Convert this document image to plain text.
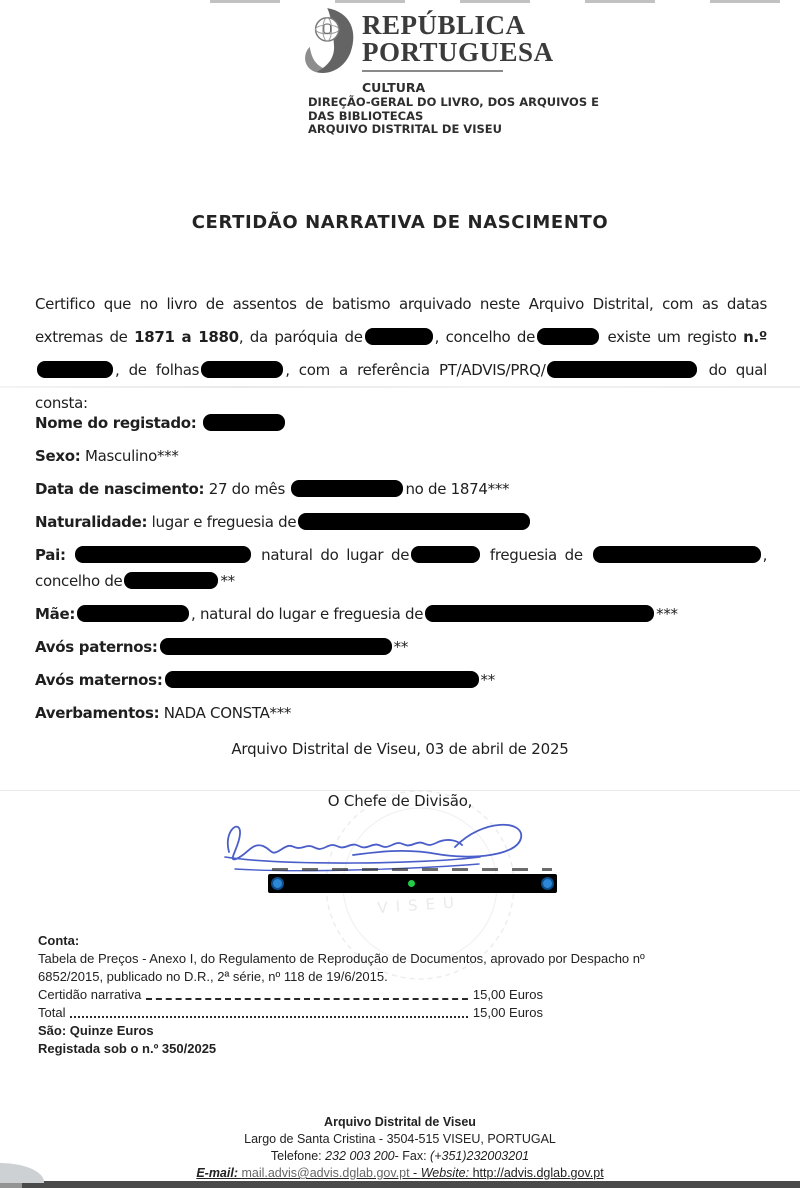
REPÚBLICA
PORTUGUESA
CULTURA
DIREÇÃO-GERAL DO LIVRO, DOS ARQUIVOS E
DAS BIBLIOTECAS
ARQUIVO DISTRITAL DE VISEU
CERTIDÃO NARRATIVA DE NASCIMENTO

Certifico que no livro de assentos de batismo arquivado neste Arquivo Distrital, com as datas extremas de 1871 a 1880, da paróquia de	, concelho de	existe um registo n.º , de folhas	, com a referência PT/ADVIS/PRQ/	do qual consta:

Nome do registado:
Sexo: Masculino***
Data de nascimento: 27 do mês	no de 1874***
Naturalidade: lugar e freguesia de
Pai:	natural do lugar de	freguesia de	, concelho de	**
Mãe:	, natural do lugar e freguesia de	***
Avós paternos:	**
Avós maternos:	**
Averbamentos: NADA CONSTA***
Arquivo Distrital de Viseu, 03 de abril de 2025
O Chefe de Divisão,
VISEU
Conta:
Tabela de Preços - Anexo I, do Regulamento de Reprodução de Documentos, aprovado por Despacho nº
6852/2015, publicado no D.R., 2ª série, nº 118 de 19/6/2015.
Certidão narrativa	15,00 Euros
Total	15,00 Euros
São: Quinze Euros
Registada sob o n.º 350/2025
Arquivo Distrital de Viseu
Largo de Santa Cristina - 3504-515 VISEU, PORTUGAL
Telefone: 232 003 200- Fax: (+351)232003201
E-mail: mail.advis@advis.dglab.gov.pt - Website: http://advis.dglab.gov.pt
